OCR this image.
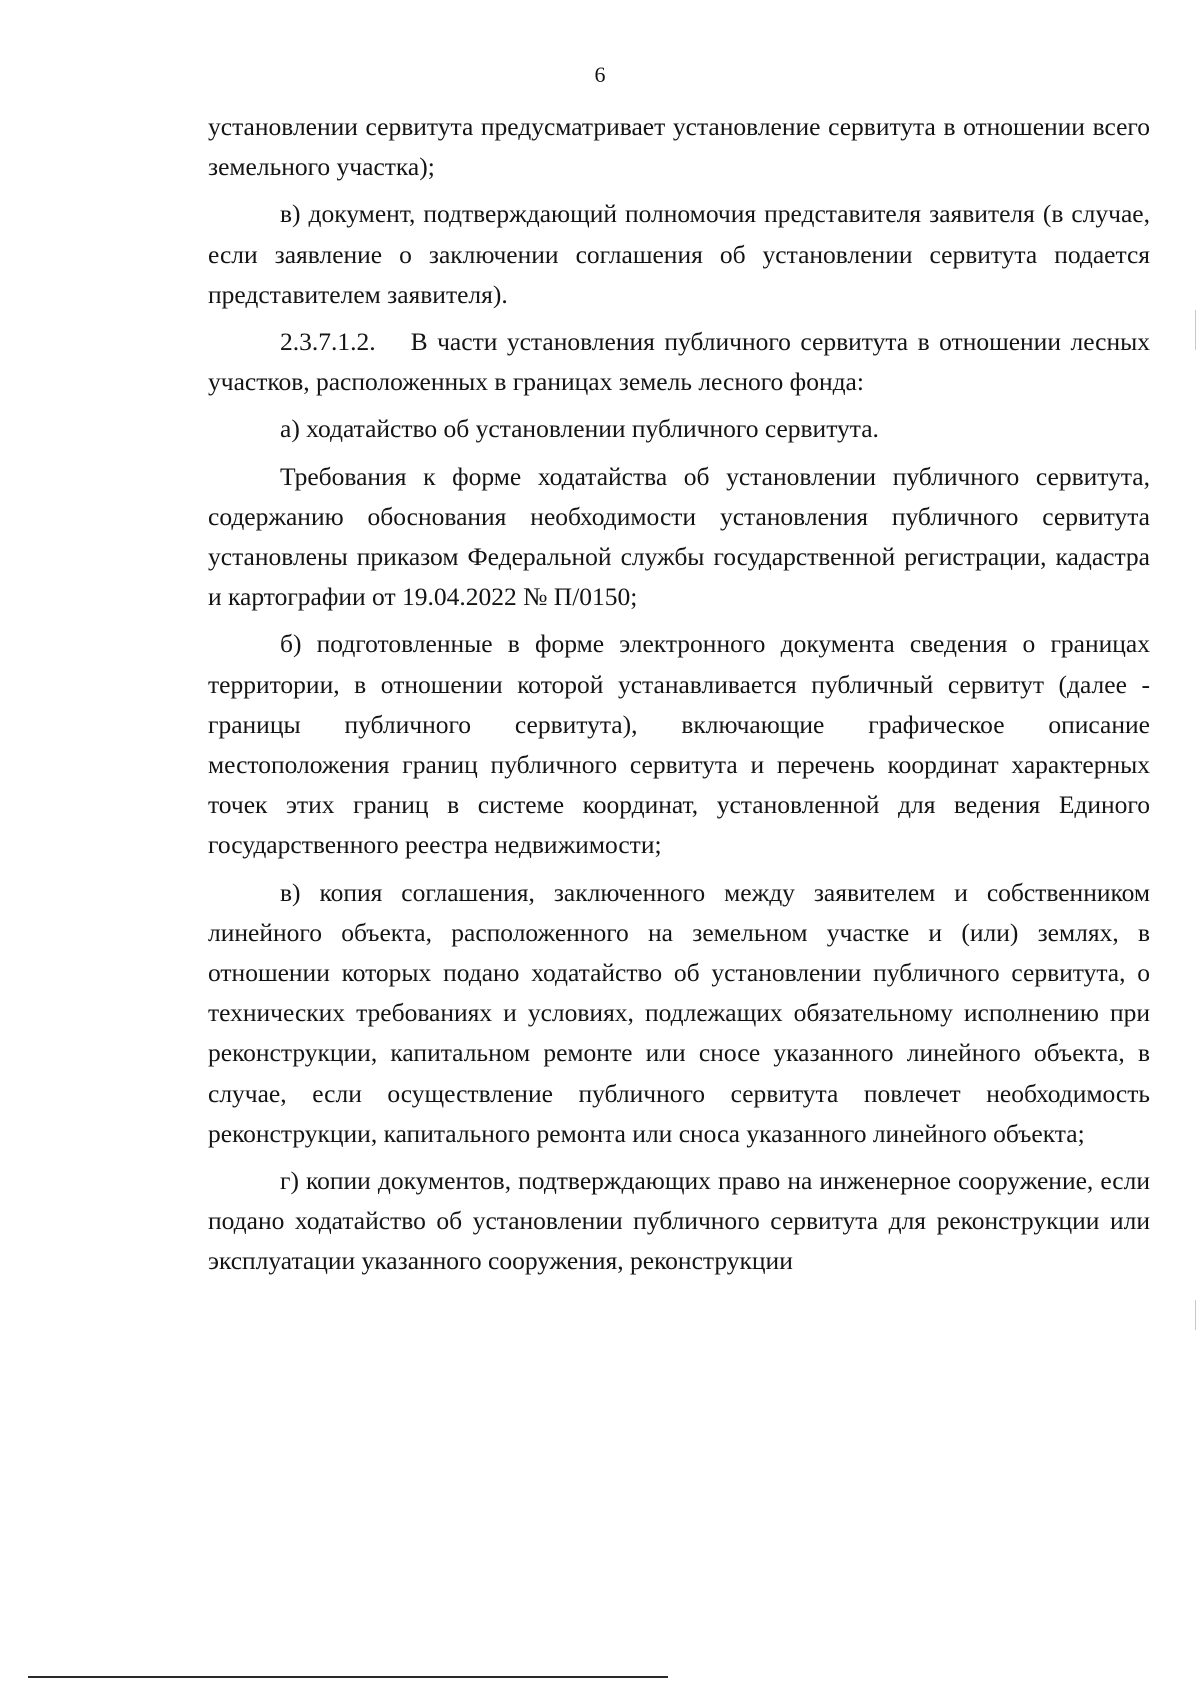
6

установлении сервитута предусматривает установление сервитута в отношении всего земельного участка);

в) документ, подтверждающий полномочия представителя заявителя (в случае, если заявление о заключении соглашения об установлении сервитута подается представителем заявителя).

2.3.7.1.2.  В части установления публичного сервитута в отношении лесных участков, расположенных в границах земель лесного фонда:

а) ходатайство об установлении публичного сервитута.

Требования к форме ходатайства об установлении публичного сервитута, содержанию обоснования необходимости установления публичного сервитута установлены приказом Федеральной службы государственной регистрации, кадастра и картографии от 19.04.2022 № П/0150;

б) подготовленные в форме электронного документа сведения о границах территории, в отношении которой устанавливается публичный сервитут (далее - границы публичного сервитута), включающие графическое описание местоположения границ публичного сервитута и перечень координат характерных точек этих границ в системе координат, установленной для ведения Единого государственного реестра недвижимости;

в) копия соглашения, заключенного между заявителем и собственником линейного объекта, расположенного на земельном участке и (или) землях, в отношении которых подано ходатайство об установлении публичного сервитута, о технических требованиях и условиях, подлежащих обязательному исполнению при реконструкции, капитальном ремонте или сносе указанного линейного объекта, в случае, если осуществление публичного сервитута повлечет необходимость реконструкции, капитального ремонта или сноса указанного линейного объекта;

г) копии документов, подтверждающих право на инженерное сооружение, если подано ходатайство об установлении публичного сервитута для реконструкции или эксплуатации указанного сооружения, реконструкции
